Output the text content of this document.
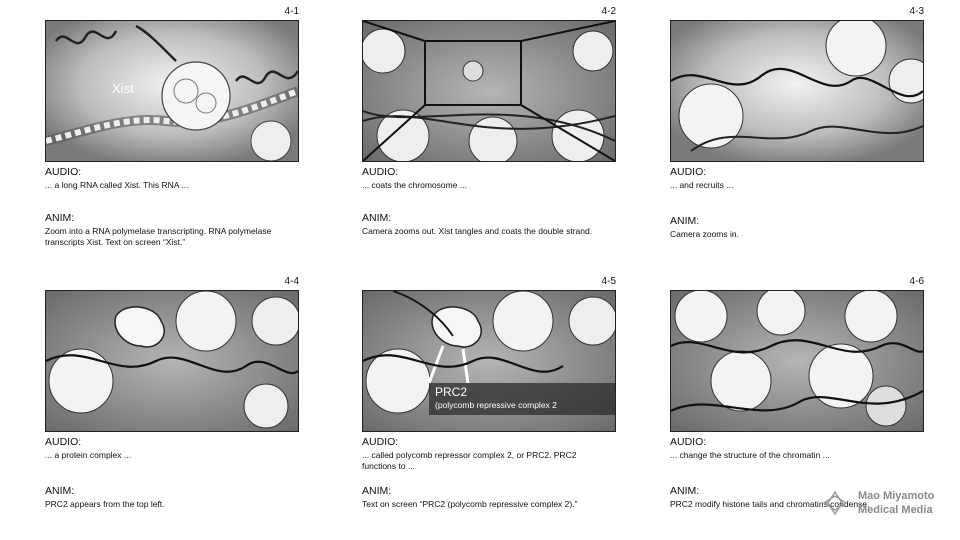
4-1
Xist
AUDIO:
... a long RNA called Xist. This RNA ...
ANIM:
Zoom into a RNA polymelase transcripting. RNA polymelase
transcripts Xist. Text on screen “Xist.”
4-2
AUDIO:
... coats the chromosome ...
ANIM:
Camera zooms out. Xist tangles and coats the double strand.
4-3
AUDIO:
... and recruits ...
ANIM:
Camera zooms in.
4-4
AUDIO:
... a protein complex ...
ANIM:
PRC2 appears from the top left.
4-5
PRC2
(polycomb repressive complex 2
AUDIO:
... called polycomb repressor complex 2, or PRC2. PRC2
functions to ...
ANIM:
Text on screen “PRC2 (polycomb repressive complex 2).”
4-6
AUDIO:
... change the structure of the chromatin ...
ANIM:
PRC2 modify histone tails and chromatins condense.
Mao Miyamoto
Medical Media
